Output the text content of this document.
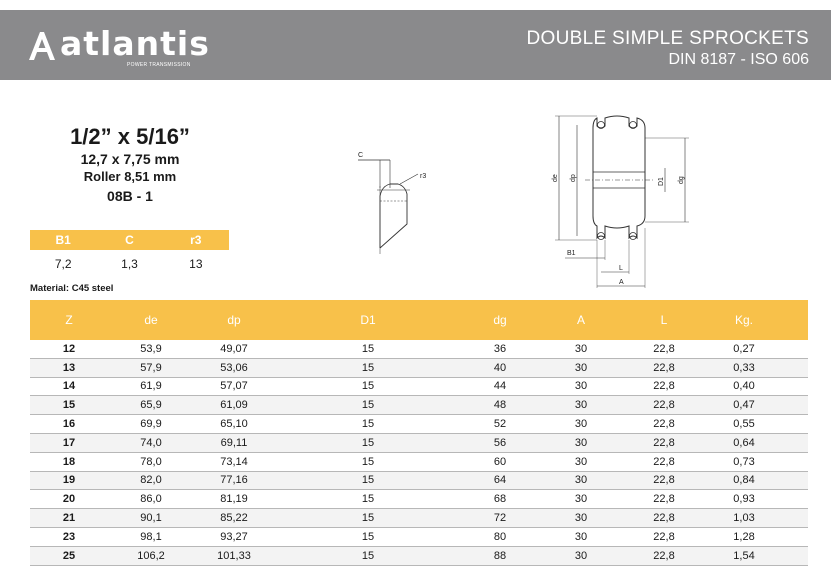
atlantis
POWER TRANSMISSION
DOUBLE SIMPLE SPROCKETS
DIN 8187 - ISO 606
1/2” x 5/16”
12,7 x 7,75 mm
Roller 8,51 mm
08B - 1
B1	C	r3
7,2	1,3	13
Material: C45 steel
C
r3	de dp	D1 dg
B1
L
A
Z	de	dp	D1	dg	A	L	Kg.
12	53,9	49,07	15	36	30	22,8	0,27
13	57,9	53,06	15	40	30	22,8	0,33
14	61,9	57,07	15	44	30	22,8	0,40
15	65,9	61,09	15	48	30	22,8	0,47
16	69,9	65,10	15	52	30	22,8	0,55
17	74,0	69,11	15	56	30	22,8	0,64
18	78,0	73,14	15	60	30	22,8	0,73
19	82,0	77,16	15	64	30	22,8	0,84
20	86,0	81,19	15	68	30	22,8	0,93
21	90,1	85,22	15	72	30	22,8	1,03
23	98,1	93,27	15	80	30	22,8	1,28
25	106,2	101,33	15	88	30	22,8	1,54
